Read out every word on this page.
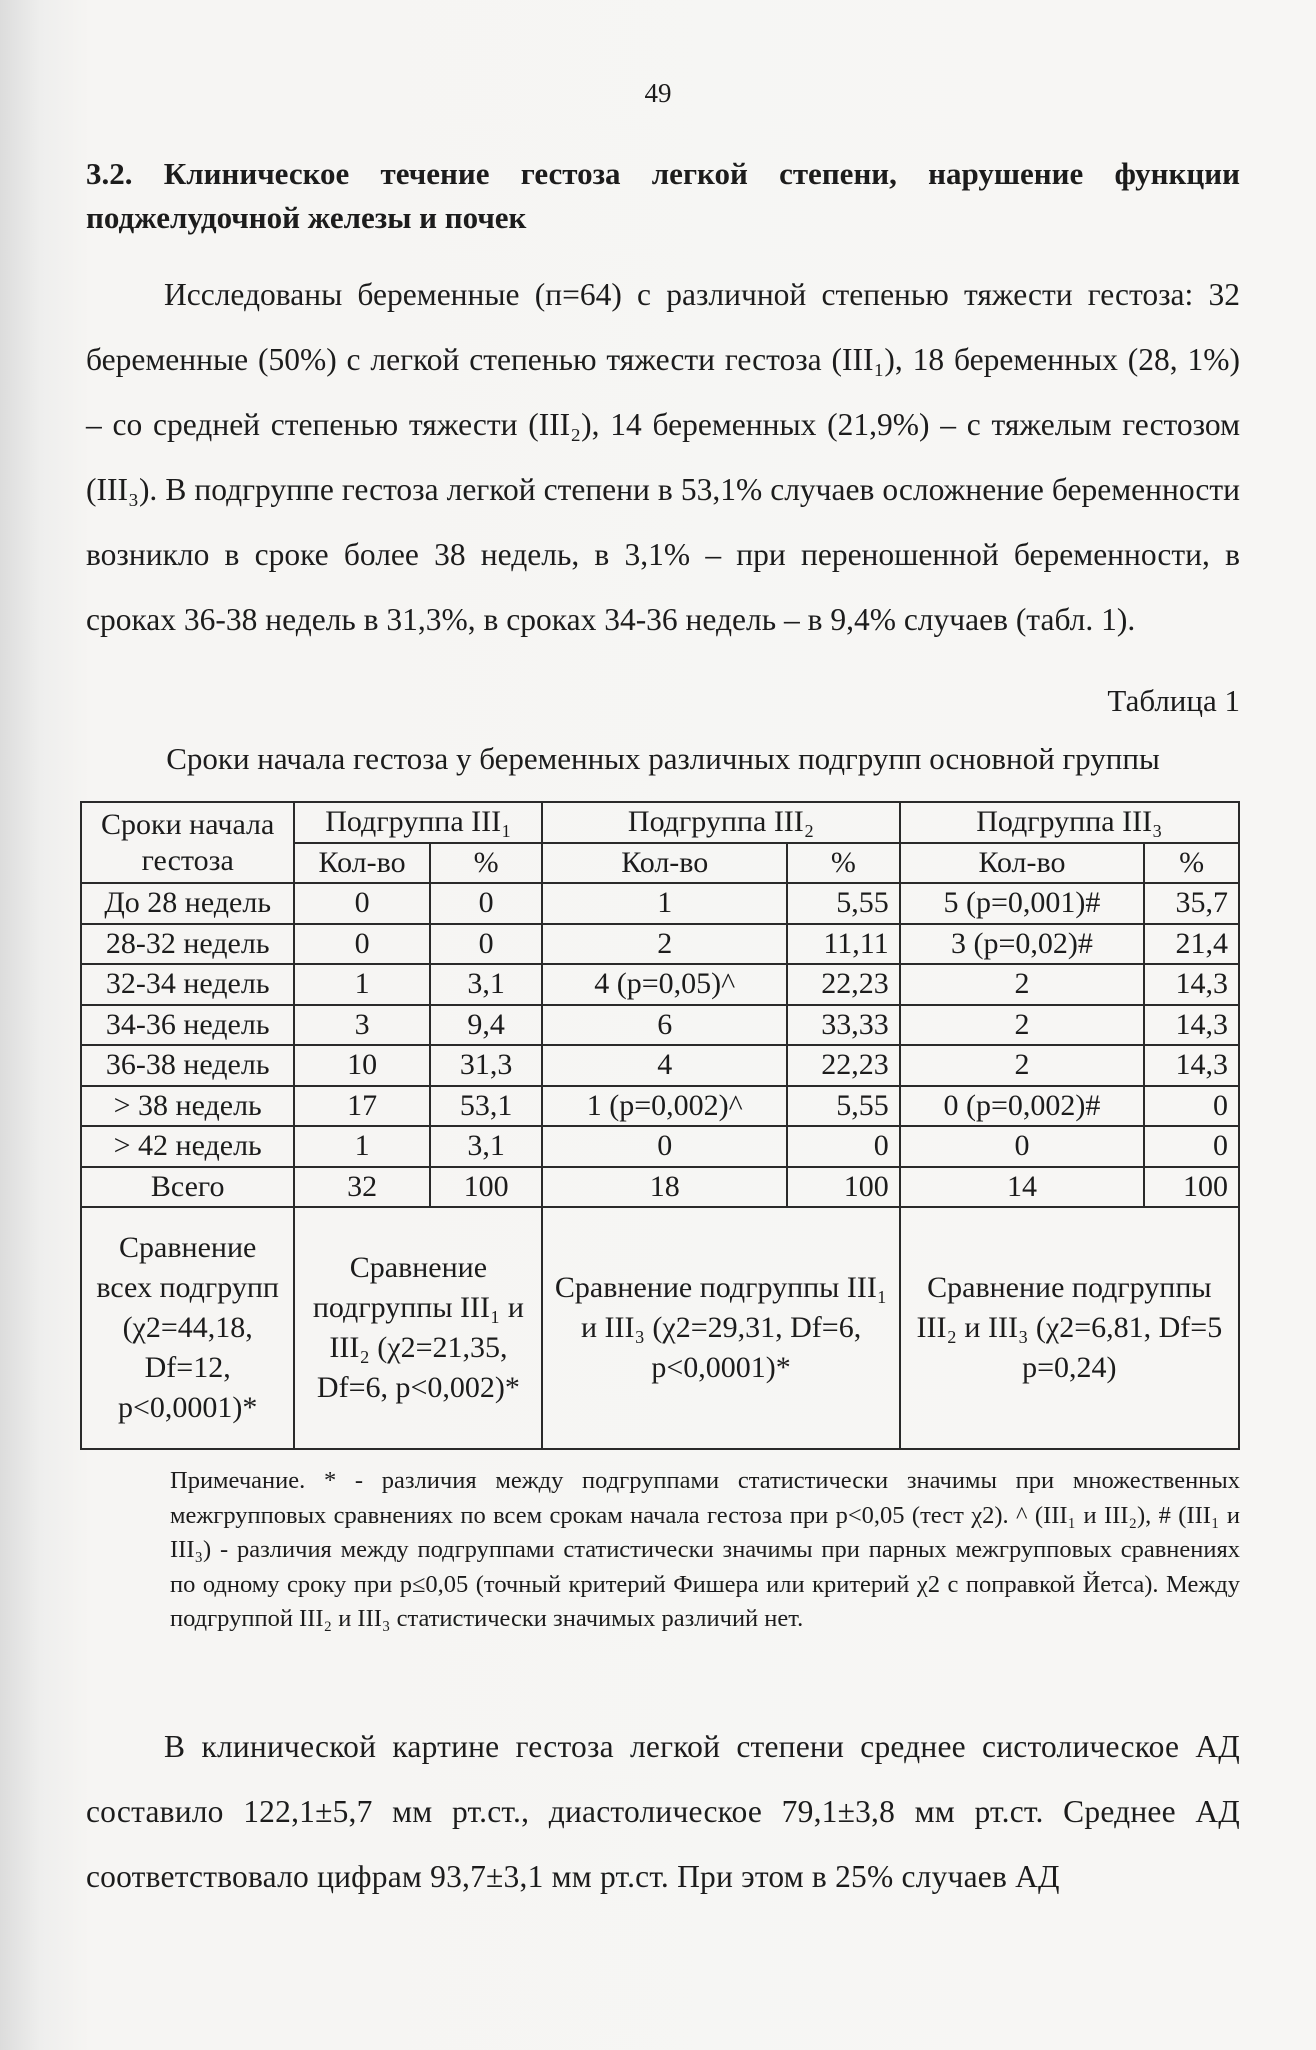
49
3.2. Клиническое течение гестоза легкой степени, нарушение функции поджелудочной железы и почек
Исследованы беременные (п=64) с различной степенью тяжести гестоза: 32 беременные (50%) с легкой степенью тяжести гестоза (III₁), 18 беременных (28, 1%) – со средней степенью тяжести (III₂), 14 беременных (21,9%) – с тяжелым гестозом (III₃). В подгруппе гестоза легкой степени в 53,1% случаев осложнение беременности возникло в сроке более 38 недель, в 3,1% – при переношенной беременности, в сроках 36-38 недель в 31,3%, в сроках 34-36 недель – в 9,4% случаев (табл. 1).
Таблица 1
Сроки начала гестоза у беременных различных подгрупп основной группы
Сроки начала гестоза	Подгруппа III₁		Подгруппа III₂		Подгруппа III₃	
	Кол-во	%	Кол-во	%	Кол-во	%
До 28 недель	0	0	1	5,55	5 (p=0,001)#	35,7
28-32 недель	0	0	2	11,11	3 (p=0,02)#	21,4
32-34 недель	1	3,1	4 (p=0,05)^	22,23	2	14,3
34-36 недель	3	9,4	6	33,33	2	14,3
36-38 недель	10	31,3	4	22,23	2	14,3
> 38 недель	17	53,1	1 (p=0,002)^	5,55	0 (p=0,002)#	0
> 42 недель	1	3,1	0	0	0	0
Всего	32	100	18	100	14	100
Сравнение всех подгрупп (χ2=44,18, Df=12, p<0,0001)*	Сравнение подгруппы III₁ и III₂ (χ2=21,35, Df=6, p<0,002)*		Сравнение подгруппы III₁ и III₃ (χ2=29,31, Df=6, p<0,0001)*		Сравнение подгруппы III₂ и III₃ (χ2=6,81, Df=5 p=0,24)	
Примечание. * - различия между подгруппами статистически значимы при множественных межгрупповых сравнениях по всем срокам начала гестоза при p<0,05 (тест χ2). ^ (III₁ и III₂), # (III₁ и III₃) - различия между подгруппами статистически значимы при парных межгрупповых сравнениях по одному сроку при p≤0,05 (точный критерий Фишера или критерий χ2 с поправкой Йетса). Между подгруппой III₂ и III₃ статистически значимых различий нет.
В клинической картине гестоза легкой степени среднее систолическое АД составило 122,1±5,7 мм рт.ст., диастолическое 79,1±3,8 мм рт.ст. Среднее АД соответствовало цифрам 93,7±3,1 мм рт.ст. При этом в 25% случаев АД
